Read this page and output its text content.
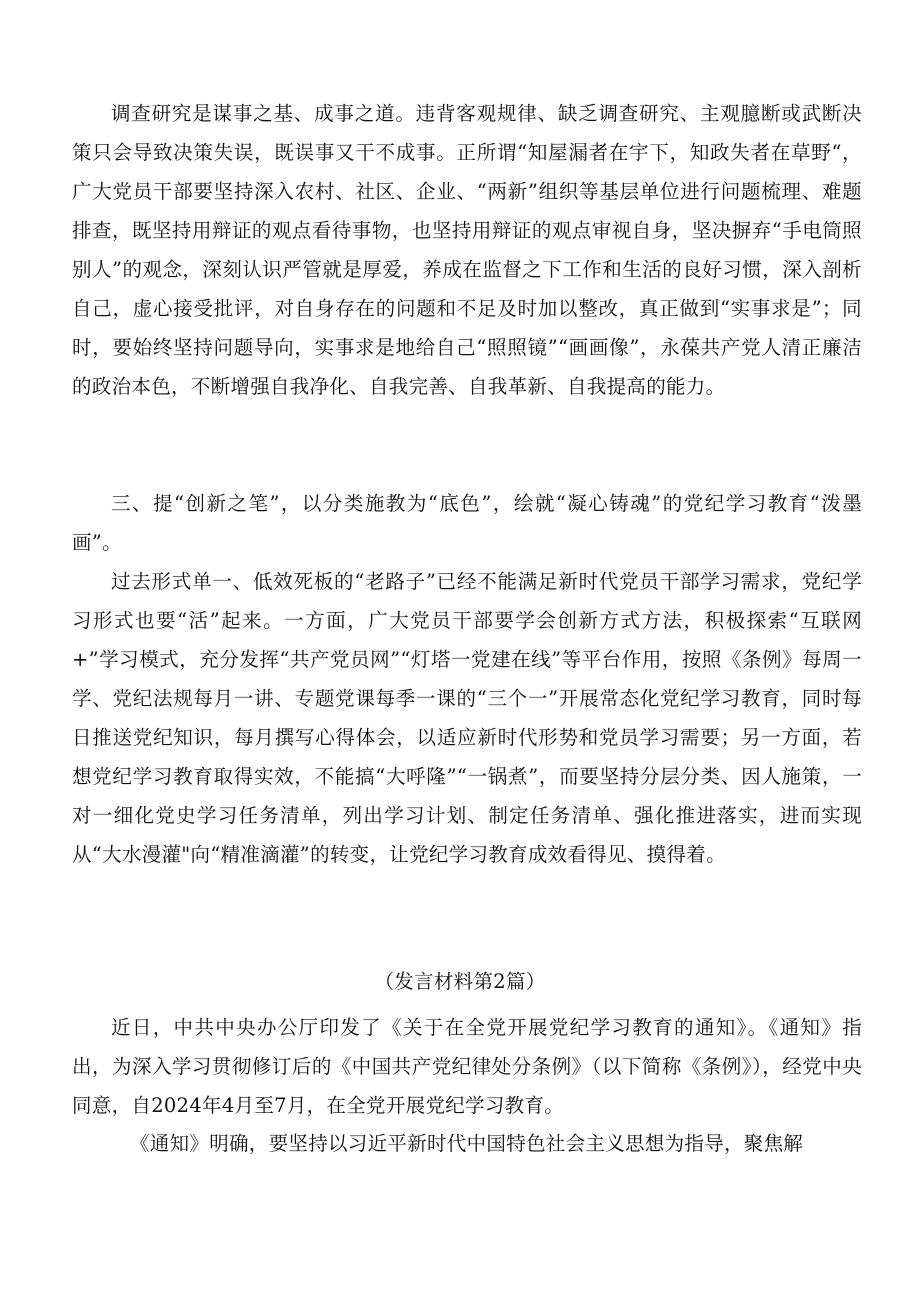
调查研究是谋事之基、成事之道。违背客观规律、缺乏调查研究、主观臆断或武断决策只会导致决策失误，既误事又干不成事。正所谓“知屋漏者在宇下，知政失者在草野“，广大党员干部要坚持深入农村、社区、企业、“两新”组织等基层单位进行问题梳理、难题排查，既坚持用辩证的观点看待事物，也坚持用辩证的观点审视自身，坚决摒弃“手电筒照别人”的观念，深刻认识严管就是厚爱，养成在监督之下工作和生活的良好习惯，深入剖析自己，虚心接受批评，对自身存在的问题和不足及时加以整改，真正做到“实事求是”；同时，要始终坚持问题导向，实事求是地给自己“照照镜”“画画像”，永葆共产党人清正廉洁的政治本色，不断增强自我净化、自我完善、自我革新、自我提高的能力。

三、提“创新之笔”，以分类施教为“底色”，绘就“凝心铸魂”的党纪学习教育“泼墨画”。

过去形式单一、低效死板的“老路子”已经不能满足新时代党员干部学习需求，党纪学习形式也要“活”起来。一方面，广大党员干部要学会创新方式方法，积极探索“互联网+”学习模式，充分发挥“共产党员网”“灯塔一党建在线”等平台作用，按照《条例》每周一学、党纪法规每月一讲、专题党课每季一课的“三个一”开展常态化党纪学习教育，同时每日推送党纪知识，每月撰写心得体会，以适应新时代形势和党员学习需要；另一方面，若想党纪学习教育取得实效，不能搞“大呼隆”“一锅煮”，而要坚持分层分类、因人施策，一对一细化党史学习任务清单，列出学习计划、制定任务清单、强化推进落实，进而实现从“大水漫灌"向“精准滴灌”的转变，让党纪学习教育成效看得见、摸得着。

（发言材料第2篇）

近日，中共中央办公厅印发了《关于在全党开展党纪学习教育的通知》。《通知》指出，为深入学习贯彻修订后的《中国共产党纪律处分条例》（以下简称《条例》），经党中央同意，自2024年4月至7月，在全党开展党纪学习教育。

《通知》明确，要坚持以习近平新时代中国特色社会主义思想为指导，聚焦解
